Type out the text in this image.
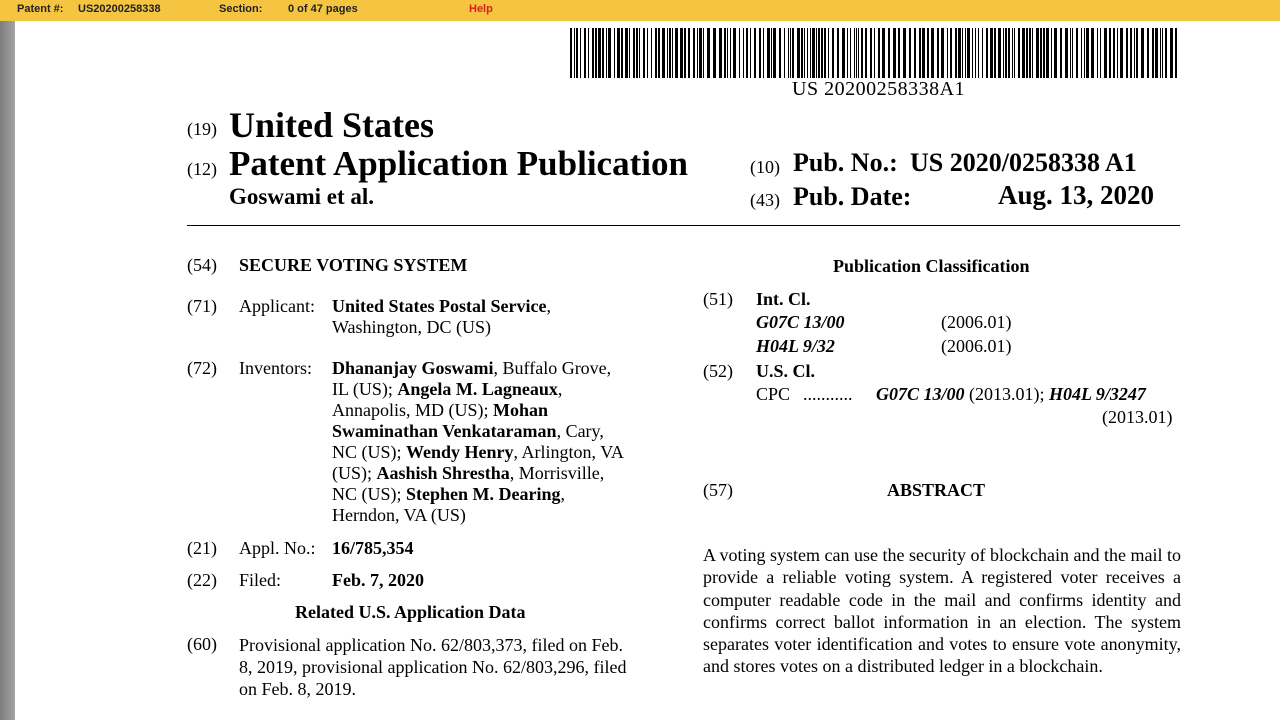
Patent #: US20200258338	Section: 0 of 47 pages	Help
US 20200258338A1
(19) United States
(12) Patent Application Publication
Goswami et al.
(10) Pub. No.: US 2020/0258338 A1
(43) Pub. Date:	Aug. 13, 2020
(54) SECURE VOTING SYSTEM
(71) Applicant: United States Postal Service,
Washington, DC (US)
(72) Inventors: Dhananjay Goswami, Buffalo Grove,
IL (US); Angela M. Lagneaux,
Annapolis, MD (US); Mohan
Swaminathan Venkataraman, Cary,
NC (US); Wendy Henry, Arlington, VA
(US); Aashish Shrestha, Morrisville,
NC (US); Stephen M. Dearing,
Herndon, VA (US)
(21) Appl. No.: 16/785,354
(22) Filed:	Feb. 7, 2020
Related U.S. Application Data
(60) Provisional application No. 62/803,373, filed on Feb.
8, 2019, provisional application No. 62/803,296, filed
on Feb. 8, 2019.
Publication Classification
(51) Int. Cl.
G07C 13/00	(2006.01)
H04L 9/32	(2006.01)
(52) U.S. Cl.
CPC ........... G07C 13/00 (2013.01); H04L 9/3247
(2013.01)
(57)	ABSTRACT
A voting system can use the security of blockchain and the mail to provide a reliable voting system. A registered voter receives a computer readable code in the mail and confirms identity and confirms correct ballot information in an election. The system separates voter identification and votes to ensure vote anonymity, and stores votes on a distributed ledger in a blockchain.
